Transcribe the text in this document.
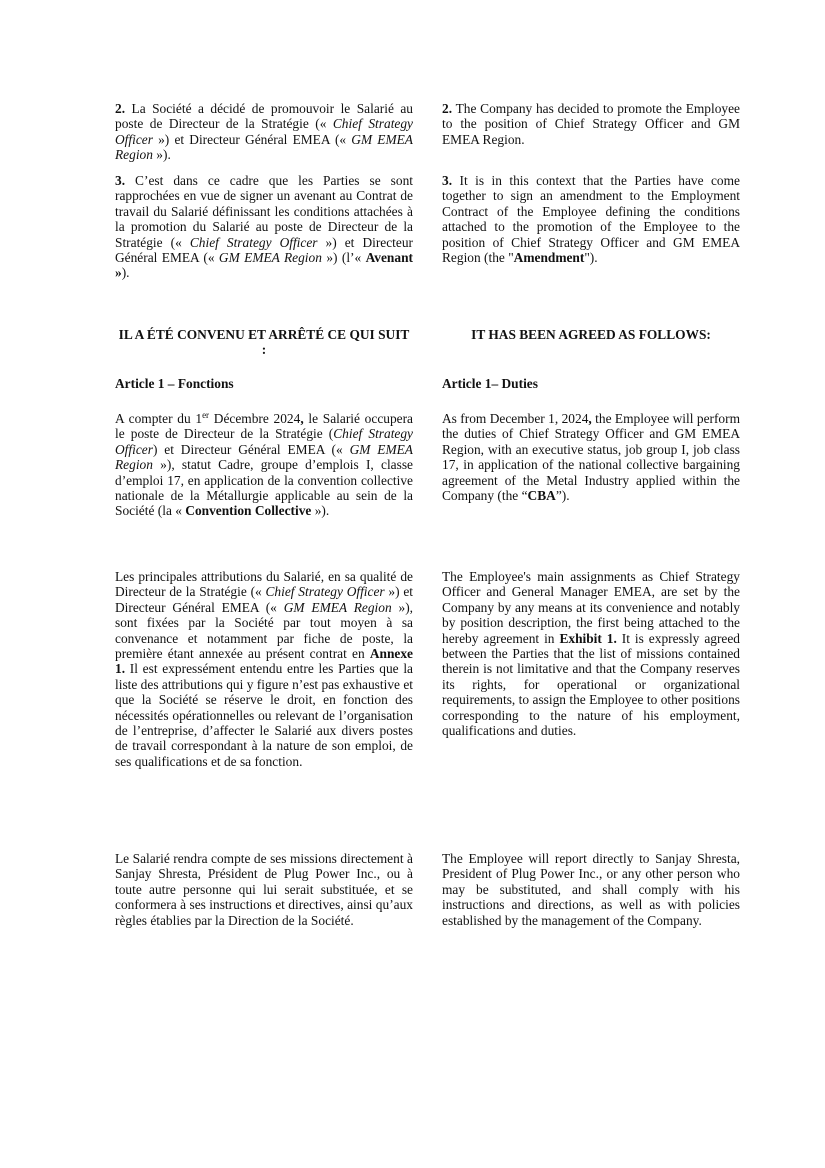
2. La Société a décidé de promouvoir le Salarié au poste de Directeur de la Stratégie (« Chief Strategy Officer ») et Directeur Général EMEA (« GM EMEA Region »).

3. C’est dans ce cadre que les Parties se sont rapprochées en vue de signer un avenant au Contrat de travail du Salarié définissant les conditions attachées à la promotion du Salarié au poste de Directeur de la Stratégie (« Chief Strategy Officer ») et Directeur Général EMEA (« GM EMEA Region ») (l’« Avenant »).

IL A ÉTÉ CONVENU ET ARRÊTÉ CE QUI SUIT :

Article 1 – Fonctions

A compter du 1er Décembre 2024, le Salarié occupera le poste de Directeur de la Stratégie (Chief Strategy Officer) et Directeur Général EMEA (« GM EMEA Region »), statut Cadre, groupe d’emplois I, classe d’emploi 17, en application de la convention collective nationale de la Métallurgie applicable au sein de la Société (la « Convention Collective »).

Les principales attributions du Salarié, en sa qualité de Directeur de la Stratégie (« Chief Strategy Officer ») et Directeur Général EMEA (« GM EMEA Region »), sont fixées par la Société par tout moyen à sa convenance et notamment par fiche de poste, la première étant annexée au présent contrat en Annexe 1. Il est expressément entendu entre les Parties que la liste des attributions qui y figure n’est pas exhaustive et que la Société se réserve le droit, en fonction des nécessités opérationnelles ou relevant de l’organisation de l’entreprise, d’affecter le Salarié aux divers postes de travail correspondant à la nature de son emploi, de ses qualifications et de sa fonction.

Le Salarié rendra compte de ses missions directement à Sanjay Shresta, Président de Plug Power Inc., ou à toute autre personne qui lui serait substituée, et se conformera à ses instructions et directives, ainsi qu’aux règles établies par la Direction de la Société.

2. The Company has decided to promote the Employee to the position of Chief Strategy Officer and GM EMEA Region.

3. It is in this context that the Parties have come together to sign an amendment to the Employment Contract of the Employee defining the conditions attached to the promotion of the Employee to the position of Chief Strategy Officer and GM EMEA Region (the "Amendment").

IT HAS BEEN AGREED AS FOLLOWS:

Article 1– Duties

As from December 1, 2024, the Employee will perform the duties of Chief Strategy Officer and GM EMEA Region, with an executive status, job group I, job class 17, in application of the national collective bargaining agreement of the Metal Industry applied within the Company (the “CBA”).

The Employee's main assignments as Chief Strategy Officer and General Manager EMEA, are set by the Company by any means at its convenience and notably by position description, the first being attached to the hereby agreement in Exhibit 1. It is expressly agreed between the Parties that the list of missions contained therein is not limitative and that the Company reserves its rights, for operational or organizational requirements, to assign the Employee to other positions corresponding to the nature of his employment, qualifications and duties.

The Employee will report directly to Sanjay Shresta, President of Plug Power Inc., or any other person who may be substituted, and shall comply with his instructions and directions, as well as with policies established by the management of the Company.
